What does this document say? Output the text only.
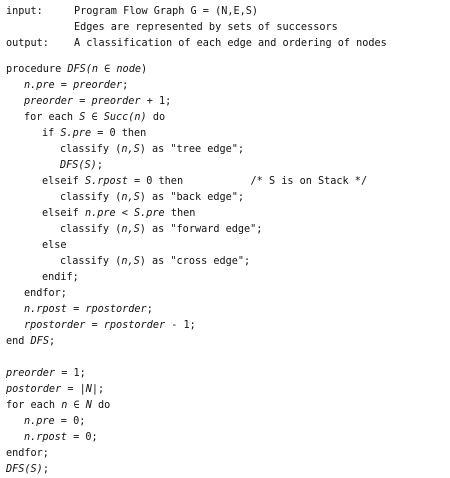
input:	Program Flow Graph G = (N,E,S)
Edges are represented by sets of successors
output: A classification of each edge and ordering of nodes
procedure DFS(n ∈ node)
n.pre = preorder;
preorder = preorder + 1;
for each S ∈ Succ(n) do
if S.pre = 0 then
classify (n,S) as "tree edge";
DFS(S);
elseif S.rpost = 0 then           /* S is on Stack */
classify (n,S) as "back edge";
elseif n.pre < S.pre then
classify (n,S) as "forward edge";
else
classify (n,S) as "cross edge";
endif;
endfor;
n.rpost = rpostorder;
rpostorder = rpostorder - 1;
end DFS;
preorder = 1;
postorder = |N|;
for each n ∈ N do
n.pre = 0;
n.rpost = 0;
endfor;
DFS(S);
